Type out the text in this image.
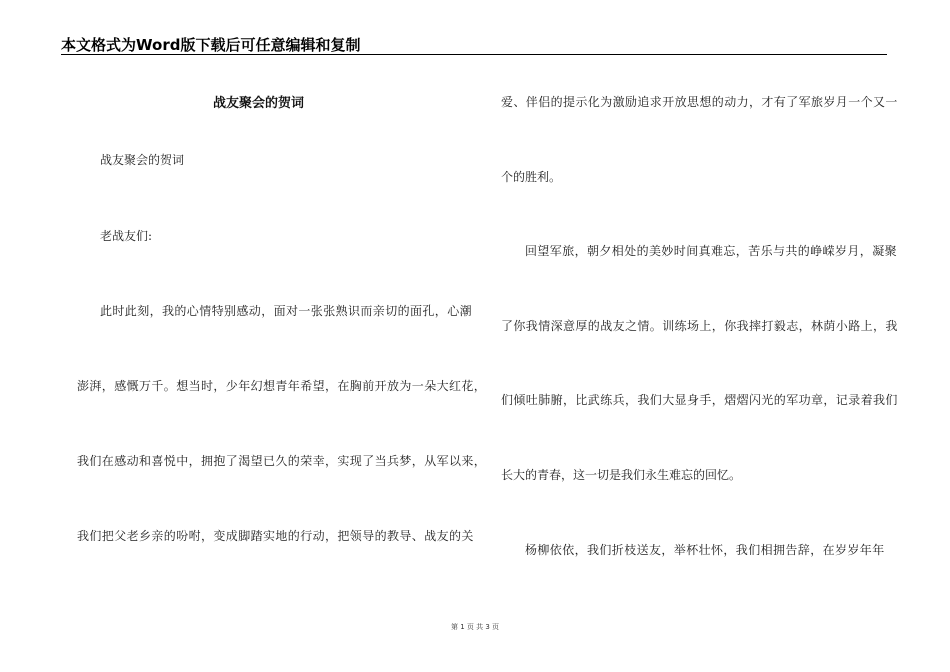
本文格式为Word版下载后可任意编辑和复制
战友聚会的贺词
战友聚会的贺词
老战友们:
此时此刻，我的心情特别感动，面对一张张熟识而亲切的面孔，心潮
澎湃，感慨万千。想当时，少年幻想青年希望，在胸前开放为一朵大红花，
我们在感动和喜悦中，拥抱了渴望已久的荣幸，实现了当兵梦，从军以来，
我们把父老乡亲的吩咐，变成脚踏实地的行动，把领导的教导、战友的关
爱、伴侣的提示化为激励追求开放思想的动力，才有了军旅岁月一个又一
个的胜利。
回望军旅，朝夕相处的美妙时间真难忘，苦乐与共的峥嵘岁月，凝聚
了你我情深意厚的战友之情。训练场上，你我摔打毅志，林荫小路上，我
们倾吐肺腑，比武练兵，我们大显身手，熠熠闪光的军功章，记录着我们
长大的青春，这一切是我们永生难忘的回忆。
杨柳依依，我们折枝送友，举杯壮怀，我们相拥告辞，在岁岁年年
第 1 页 共 3 页
